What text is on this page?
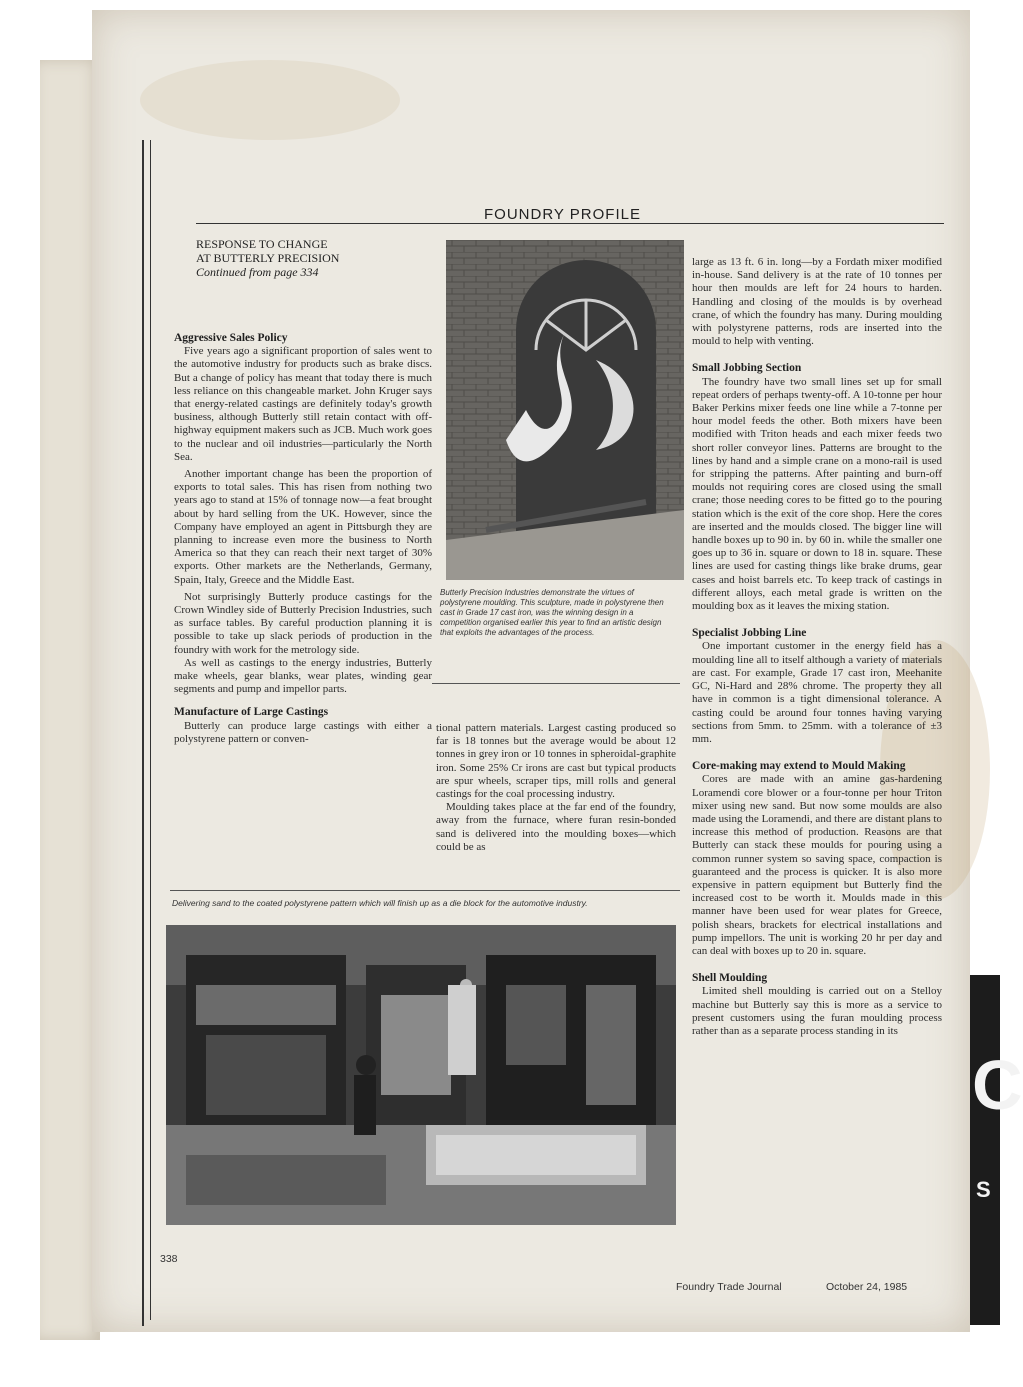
C
S
FOUNDRY PROFILE
RESPONSE TO CHANGE
AT BUTTERLY PRECISION
Continued from page 334
Aggressive Sales Policy

Five years ago a significant proportion of sales went to the automotive industry for products such as brake discs. But a change of policy has meant that today there is much less reliance on this changeable market. John Kruger says that energy-related castings are definitely today's growth business, although Butterly still retain contact with off-highway equipment makers such as JCB. Much work goes to the nuclear and oil industries—particularly the North Sea.

Another important change has been the proportion of exports to total sales. This has risen from nothing two years ago to stand at 15% of tonnage now—a feat brought about by hard selling from the UK. However, since the Company have employed an agent in Pittsburgh they are planning to increase even more the business to North America so that they can reach their next target of 30% exports. Other markets are the Netherlands, Germany, Spain, Italy, Greece and the Middle East.

Not surprisingly Butterly produce castings for the Crown Windley side of Butterly Precision Industries, such as surface tables. By careful production planning it is possible to take up slack periods of production in the foundry with work for the metrology side.

As well as castings to the energy industries, Butterly make wheels, gear blanks, wear plates, winding gear segments and pump and impellor parts.

Manufacture of Large Castings

Butterly can produce large castings with either a polystyrene pattern or conven-

Butterly Precision Industries demonstrate the virtues of polystyrene moulding. This sculpture, made in polystyrene then cast in Grade 17 cast iron, was the winning design in a competition organised earlier this year to find an artistic design that exploits the advantages of the process.

tional pattern materials. Largest casting produced so far is 18 tonnes but the average would be about 12 tonnes in grey iron or 10 tonnes in spheroidal-graphite iron. Some 25% Cr irons are cast but typical products are spur wheels, scraper tips, mill rolls and general castings for the coal processing industry.

Moulding takes place at the far end of the foundry, away from the furnace, where furan resin-bonded sand is delivered into the moulding boxes—which could be as

large as 13 ft. 6 in. long—by a Fordath mixer modified in-house. Sand delivery is at the rate of 10 tonnes per hour then moulds are left for 24 hours to harden. Handling and closing of the moulds is by overhead crane, of which the foundry has many. During moulding with polystyrene patterns, rods are inserted into the mould to help with venting.

Small Jobbing Section

The foundry have two small lines set up for small repeat orders of perhaps twenty-off. A 10-tonne per hour Baker Perkins mixer feeds one line while a 7-tonne per hour model feeds the other. Both mixers have been modified with Triton heads and each mixer feeds two short roller conveyor lines. Patterns are brought to the lines by hand and a simple crane on a mono-rail is used for stripping the patterns. After painting and burn-off moulds not requiring cores are closed using the small crane; those needing cores to be fitted go to the pouring station which is the exit of the core shop. Here the cores are inserted and the moulds closed. The bigger line will handle boxes up to 90 in. by 60 in. while the smaller one goes up to 36 in. square or down to 18 in. square. These lines are used for casting things like brake drums, gear cases and hoist barrels etc. To keep track of castings in different alloys, each metal grade is written on the moulding box as it leaves the mixing station.

Specialist Jobbing Line

One important customer in the energy field has a moulding line all to itself although a variety of materials are cast. For example, Grade 17 cast iron, Meehanite GC, Ni-Hard and 28% chrome. The property they all have in common is a tight dimensional tolerance. A casting could be around four tonnes having varying sections from 5mm. to 25mm. with a tolerance of ±3 mm.

Core-making may extend to Mould Making

Cores are made with an amine gas-hardening Loramendi core blower or a four-tonne per hour Triton mixer using new sand. But now some moulds are also made using the Loramendi, and there are distant plans to increase this method of production. Reasons are that Butterly can stack these moulds for pouring using a common runner system so saving space, compaction is guaranteed and the process is quicker. It is also more expensive in pattern equipment but Butterly find the increased cost to be worth it. Moulds made in this manner have been used for wear plates for Greece, polish shears, brackets for electrical installations and pump impellors. The unit is working 20 hr per day and can deal with boxes up to 20 in. square.

Shell Moulding

Limited shell moulding is carried out on a Stelloy machine but Butterly say this is more as a service to present customers using the furan moulding process rather than as a separate process standing in its

Delivering sand to the coated polystyrene pattern which will finish up as a die block for the automotive industry.
338
Foundry Trade Journal	October 24, 1985
